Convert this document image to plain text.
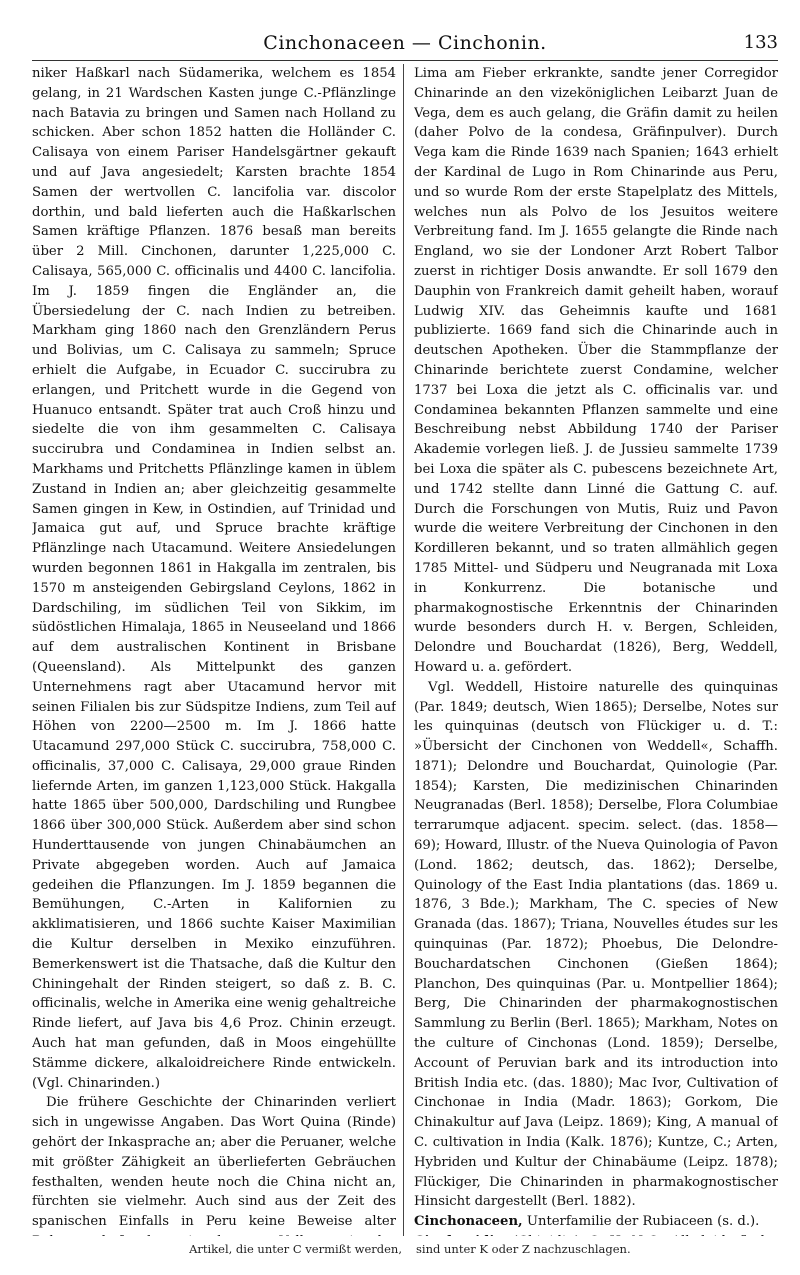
Cinchonaceen — Cinchonin.	133

niker Haßkarl nach Südamerika, welchem es 1854 gelang, in 21 Wardschen Kasten junge C.-Pflänzlinge nach Batavia zu bringen und Samen nach Holland zu schicken. Aber schon 1852 hatten die Holländer C. Calisaya von einem Pariser Handelsgärtner gekauft und auf Java angesiedelt; Karsten brachte 1854 Samen der wertvollen C. lancifolia var. discolor dorthin, und bald lieferten auch die Haßkarlschen Samen kräftige Pflanzen. 1876 besaß man bereits über 2 Mill. Cinchonen, darunter 1,225,000 C. Calisaya, 565,000 C. officinalis und 4400 C. lancifolia. Im J. 1859 fingen die Engländer an, die Übersiedelung der C. nach Indien zu betreiben. Markham ging 1860 nach den Grenzländern Perus und Bolivias, um C. Calisaya zu sammeln; Spruce erhielt die Aufgabe, in Ecuador C. succirubra zu erlangen, und Pritchett wurde in die Gegend von Huanuco entsandt. Später trat auch Croß hinzu und siedelte die von ihm gesammelten C. Calisaya succirubra und Condaminea in Indien selbst an. Markhams und Pritchetts Pflänzlinge kamen in üblem Zustand in Indien an; aber gleichzeitig gesammelte Samen gingen in Kew, in Ostindien, auf Trinidad und Jamaica gut auf, und Spruce brachte kräftige Pflänzlinge nach Utacamund. Weitere Ansiedelungen wurden begonnen 1861 in Hakgalla im zentralen, bis 1570 m ansteigenden Gebirgsland Ceylons, 1862 in Dardschiling, im südlichen Teil von Sikkim, im südöstlichen Himalaja, 1865 in Neuseeland und 1866 auf dem australischen Kontinent in Brisbane (Queensland). Als Mittelpunkt des ganzen Unternehmens ragt aber Utacamund hervor mit seinen Filialen bis zur Südspitze Indiens, zum Teil auf Höhen von 2200—2500 m. Im J. 1866 hatte Utacamund 297,000 Stück C. succirubra, 758,000 C. officinalis, 37,000 C. Calisaya, 29,000 graue Rinden liefernde Arten, im ganzen 1,123,000 Stück. Hakgalla hatte 1865 über 500,000, Dardschiling und Rungbee 1866 über 300,000 Stück. Außerdem aber sind schon Hunderttausende von jungen Chinabäumchen an Private abgegeben worden. Auch auf Jamaica gedeihen die Pflanzungen. Im J. 1859 begannen die Bemühungen, C.-Arten in Kalifornien zu akklimatisieren, und 1866 suchte Kaiser Maximilian die Kultur derselben in Mexiko einzuführen. Bemerkenswert ist die Thatsache, daß die Kultur den Chiningehalt der Rinden steigert, so daß z. B. C. officinalis, welche in Amerika eine wenig gehaltreiche Rinde liefert, auf Java bis 4,6 Proz. Chinin erzeugt. Auch hat man gefunden, daß in Moos eingehüllte Stämme dickere, alkaloidreichere Rinde entwickeln. (Vgl. Chinarinden.)

Die frühere Geschichte der Chinarinden verliert sich in ungewisse Angaben. Das Wort Quina (Rinde) gehört der Inkasprache an; aber die Peruaner, welche mit größter Zähigkeit an überlieferten Gebräuchen festhalten, wenden heute noch die China nicht an, fürchten sie vielmehr. Auch sind aus der Zeit des spanischen Einfalls in Peru keine Beweise alter

Lima am Fieber erkrankte, sandte jener Corregidor Chinarinde an den vizeköniglichen Leibarzt Juan de Vega, dem es auch gelang, die Gräfin damit zu heilen (daher Polvo de la condesa, Gräfinpulver). Durch Vega kam die Rinde 1639 nach Spanien; 1643 erhielt der Kardinal de Lugo in Rom Chinarinde aus Peru, und so wurde Rom der erste Stapelplatz des Mittels, welches nun als Polvo de los Jesuitos weitere Verbreitung fand. Im J. 1655 gelangte die Rinde nach England, wo sie der Londoner Arzt Robert Talbor zuerst in richtiger Dosis anwandte. Er soll 1679 den Dauphin von Frankreich damit geheilt haben, worauf Ludwig XIV. das Geheimnis kaufte und 1681 publizierte. 1669 fand sich die Chinarinde auch in deutschen Apotheken. Über die Stammpflanze der Chinarinde berichtete zuerst Condamine, welcher 1737 bei Loxa die jetzt als C. officinalis var. und Condaminea bekannten Pflanzen sammelte und eine Beschreibung nebst Abbildung 1740 der Pariser Akademie vorlegen ließ. J. de Jussieu sammelte 1739 bei Loxa die später als C. pubescens bezeichnete Art, und 1742 stellte dann Linné die Gattung C. auf. Durch die Forschungen von Mutis, Ruiz und Pavon wurde die weitere Verbreitung der Cinchonen in den Kordilleren bekannt, und so traten allmählich gegen 1785 Mittel- und Südperu und Neugranada mit Loxa in Konkurrenz. Die botanische und pharmakognostische Erkenntnis der Chinarinden wurde besonders durch H. v. Bergen, Schleiden, Delondre und Bouchardat (1826), Berg, Weddell, Howard u. a. gefördert.

Vgl. Weddell, Histoire naturelle des quinquinas (Par. 1849; deutsch, Wien 1865); Derselbe, Notes sur les quinquinas (deutsch von Flückiger u. d. T.: »Übersicht der Cinchonen von Weddell«, Schaffh. 1871); Delondre und Bouchardat, Quinologie (Par. 1854); Karsten, Die medizinischen Chinarinden Neugranadas (Berl. 1858); Derselbe, Flora Columbiae terrarumque adjacent. specim. select. (das. 1858—69); Howard, Illustr. of the Nueva Quinologia of Pavon (Lond. 1862; deutsch, das. 1862); Derselbe, Quinology of the East India plantations (das. 1869 u. 1876, 3 Bde.); Markham, The C. species of New Granada (das. 1867); Triana, Nouvelles études sur les quinquinas (Par. 1872); Phoebus, Die Delondre-Bouchardatschen Cinchonen (Gießen 1864); Planchon, Des quinquinas (Par. u. Montpellier 1864); Berg, Die Chinarinden der pharmakognostischen Sammlung zu Berlin (Berl. 1865); Markham, Notes on the culture of Cinchonas (Lond. 1859); Derselbe, Account of Peruvian bark and its introduction into British India etc. (das. 1880); Mac Ivor, Cultivation of Cinchonae in India (Madr. 1863); Gorkom, Die Chinakultur auf Java (Leipz. 1869); King, A manual of C. cultivation in India (Kalk. 1876); Kuntze, C.; Arten, Hybriden und Kultur der Chinabäume (Leipz. 1878); Flückiger, Die Chinarinden in pharmakognostischer Hinsicht dargestellt (Berl. 1882).

Cinchonaceen, Unterfamilie der Rubiaceen (s. d.).

Artikel, die unter C vermißt werden, sind unter K oder Z nachzuschlagen.
